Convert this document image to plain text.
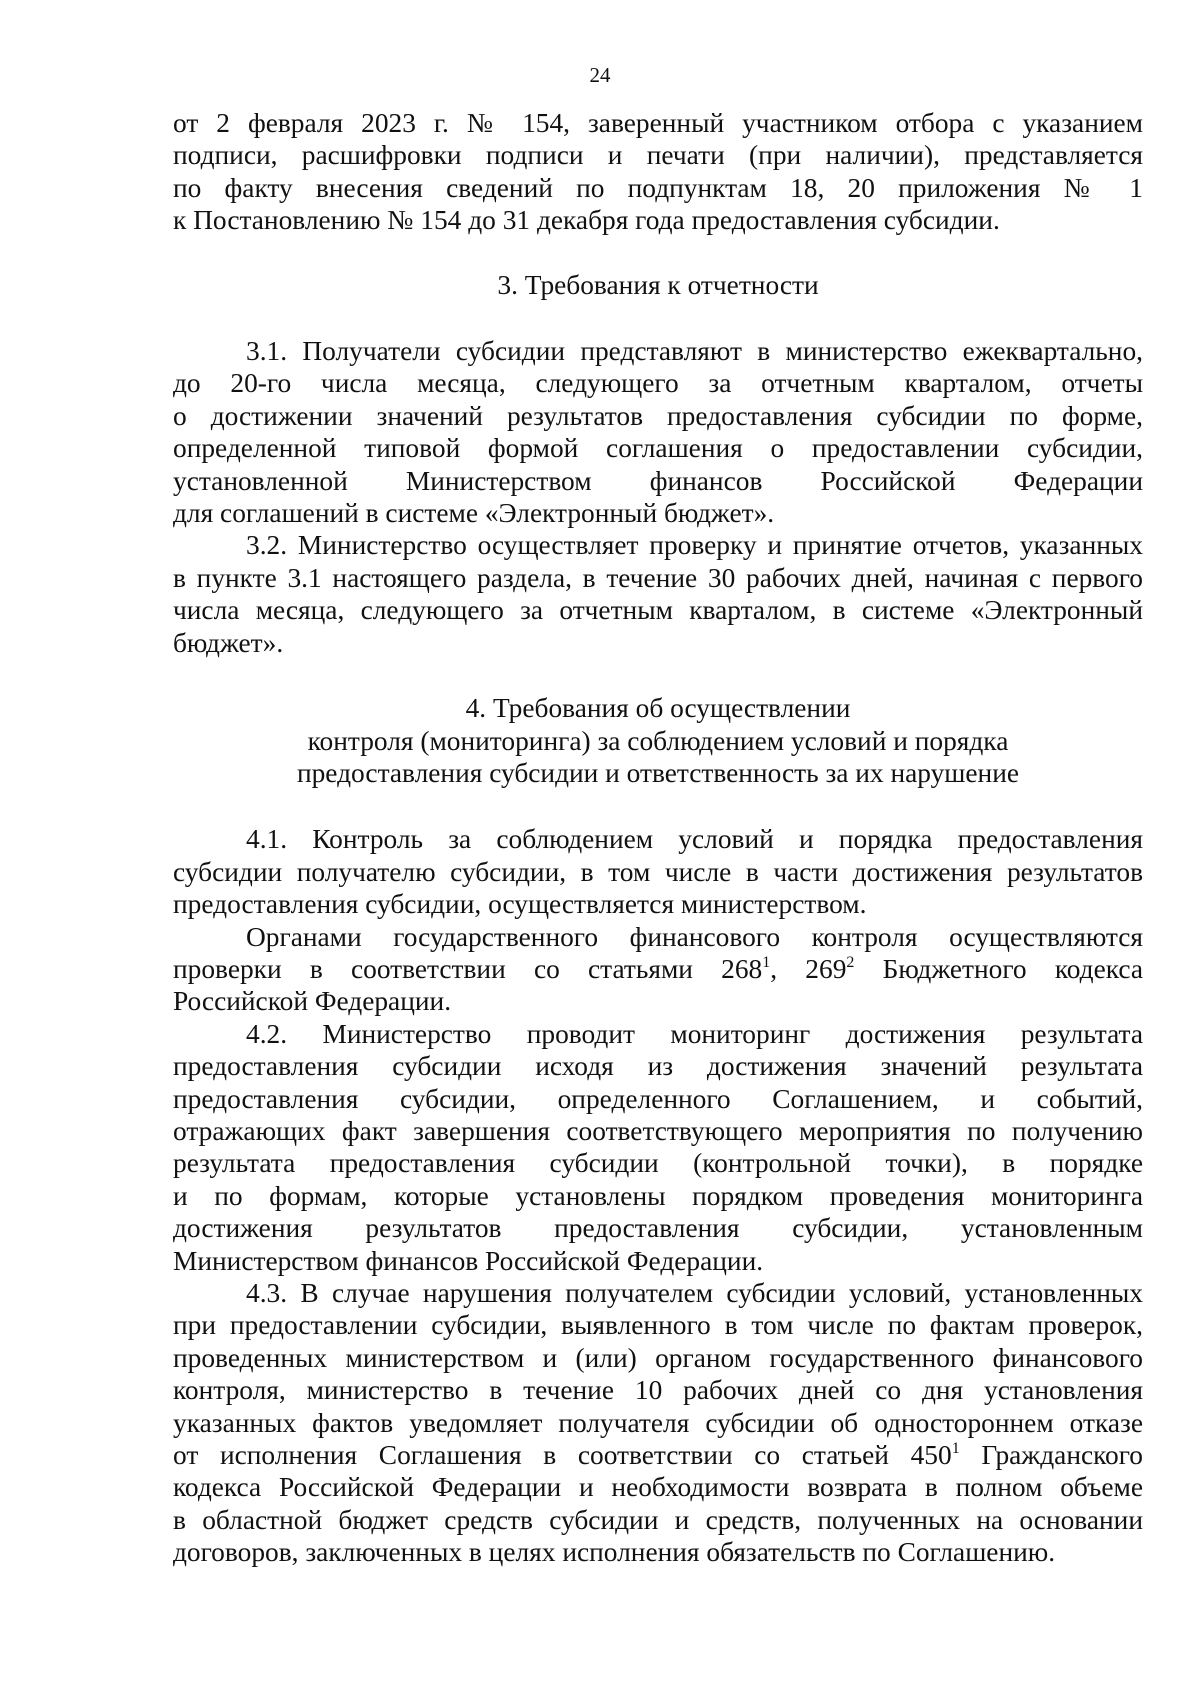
24
от 2 февраля 2023 г. № 154, заверенный участником отбора с указанием
подписи, расшифровки подписи и печати (при наличии), представляется
по факту внесения сведений по подпунктам 18, 20 приложения № 1
к Постановлению № 154 до 31 декабря года предоставления субсидии.
3. Требования к отчетности
3.1. Получатели субсидии представляют в министерство ежеквартально,
до 20-го числа месяца, следующего за отчетным кварталом, отчеты
о достижении значений результатов предоставления субсидии по форме,
определенной типовой формой соглашения о предоставлении субсидии,
установленной Министерством финансов Российской Федерации
для соглашений в системе «Электронный бюджет».
3.2. Министерство осуществляет проверку и принятие отчетов, указанных
в пункте 3.1 настоящего раздела, в течение 30 рабочих дней, начиная с первого
числа месяца, следующего за отчетным кварталом, в системе «Электронный
бюджет».
4. Требования об осуществлении
контроля (мониторинга) за соблюдением условий и порядка
предоставления субсидии и ответственность за их нарушение
4.1. Контроль за соблюдением условий и порядка предоставления
субсидии получателю субсидии, в том числе в части достижения результатов
предоставления субсидии, осуществляется министерством.
Органами государственного финансового контроля осуществляются
проверки в соответствии со статьями $268^1$, $269^2$ Бюджетного кодекса
Российской Федерации.
4.2. Министерство проводит мониторинг достижения результата
предоставления субсидии исходя из достижения значений результата
предоставления субсидии, определенного Соглашением, и событий,
отражающих факт завершения соответствующего мероприятия по получению
результата предоставления субсидии (контрольной точки), в порядке
и по формам, которые установлены порядком проведения мониторинга
достижения результатов предоставления субсидии, установленным
Министерством финансов Российской Федерации.
4.3. В случае нарушения получателем субсидии условий, установленных
при предоставлении субсидии, выявленного в том числе по фактам проверок,
проведенных министерством и (или) органом государственного финансового
контроля, министерство в течение 10 рабочих дней со дня установления
указанных фактов уведомляет получателя субсидии об одностороннем отказе
от исполнения Соглашения в соответствии со статьей $450^1$ Гражданского
кодекса Российской Федерации и необходимости возврата в полном объеме
в областной бюджет средств субсидии и средств, полученных на основании
договоров, заключенных в целях исполнения обязательств по Соглашению.
